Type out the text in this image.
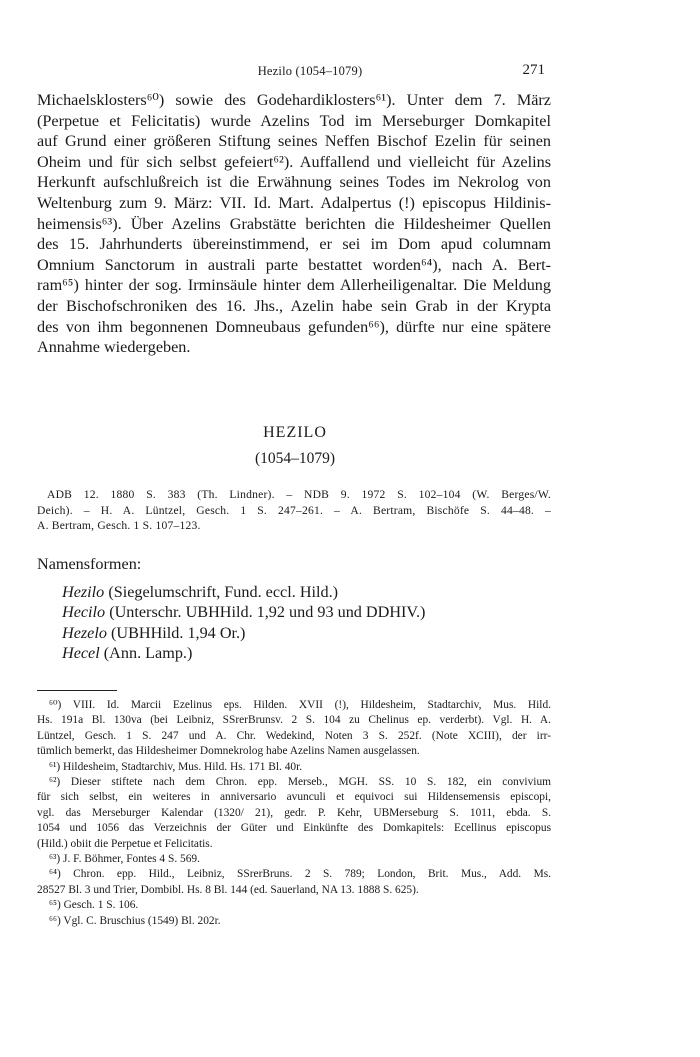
Hezilo (1054–1079)	271
Michaelsklosters⁶⁰) sowie des Godehardiklosters⁶¹). Unter dem 7. März
(Perpetue et Felicitatis) wurde Azelins Tod im Merseburger Domkapitel
auf Grund einer größeren Stiftung seines Neffen Bischof Ezelin für seinen
Oheim und für sich selbst gefeiert⁶²). Auffallend und vielleicht für Azelins
Herkunft aufschlußreich ist die Erwähnung seines Todes im Nekrolog von
Weltenburg zum 9. März: VII. Id. Mart. Adalpertus (!) episcopus Hildinis-
heimensis⁶³). Über Azelins Grabstätte berichten die Hildesheimer Quellen
des 15. Jahrhunderts übereinstimmend, er sei im Dom apud columnam
Omnium Sanctorum in australi parte bestattet worden⁶⁴), nach A. Bert-
ram⁶⁵) hinter der sog. Irminsäule hinter dem Allerheiligenaltar. Die Meldung
der Bischofschroniken des 16. Jhs., Azelin habe sein Grab in der Krypta
des von ihm begonnenen Domneubaus gefunden⁶⁶), dürfte nur eine spätere
Annahme wiedergeben.
HEZILO
(1054–1079)
ADB 12. 1880 S. 383 (Th. Lindner). – NDB 9. 1972 S. 102–104 (W. Berges/W.
Deich). – H. A. Lüntzel, Gesch. 1 S. 247–261. – A. Bertram, Bischöfe S. 44–48. –
A. Bertram, Gesch. 1 S. 107–123.
Namensformen:
Hezilo (Siegelumschrift, Fund. eccl. Hild.)
Hecilo (Unterschr. UBHHild. 1,92 und 93 und DDHIV.)
Hezelo (UBHHild. 1,94 Or.)
Hecel (Ann. Lamp.)
⁶⁰) VIII. Id. Marcii Ezelinus eps. Hilden. XVII (!), Hildesheim, Stadtarchiv, Mus. Hild.
Hs. 191a Bl. 130va (bei Leibniz, SSrerBrunsv. 2 S. 104 zu Chelinus ep. verderbt). Vgl. H. A.
Lüntzel, Gesch. 1 S. 247 und A. Chr. Wedekind, Noten 3 S. 252f. (Note XCIII), der irr-
tümlich bemerkt, das Hildesheimer Domnekrolog habe Azelins Namen ausgelassen.
⁶¹) Hildesheim, Stadtarchiv, Mus. Hild. Hs. 171 Bl. 40r.
⁶²) Dieser stiftete nach dem Chron. epp. Merseb., MGH. SS. 10 S. 182, ein convivium
für sich selbst, ein weiteres in anniversario avunculi et equivoci sui Hildensemensis episcopi,
vgl. das Merseburger Kalendar (1320/ 21), gedr. P. Kehr, UBMerseburg S. 1011, ebda. S.
1054 und 1056 das Verzeichnis der Güter und Einkünfte des Domkapitels: Ecellinus episcopus
(Hild.) obiit die Perpetue et Felicitatis.
⁶³) J. F. Böhmer, Fontes 4 S. 569.
⁶⁴) Chron. epp. Hild., Leibniz, SSrerBruns. 2 S. 789; London, Brit. Mus., Add. Ms.
28527 Bl. 3 und Trier, Dombibl. Hs. 8 Bl. 144 (ed. Sauerland, NA 13. 1888 S. 625).
⁶⁵) Gesch. 1 S. 106.
⁶⁶) Vgl. C. Bruschius (1549) Bl. 202r.
